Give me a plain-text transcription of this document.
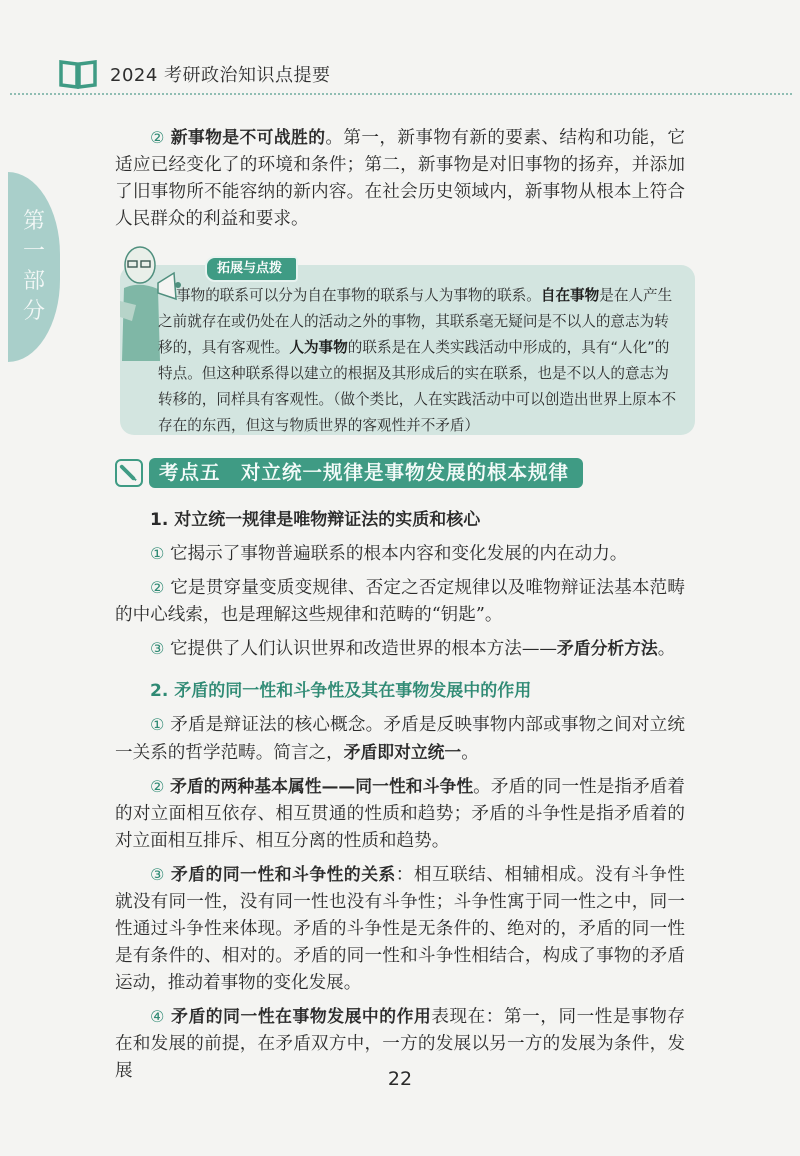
2024 考研政治知识点提要
第
一
部
分

② 新事物是不可战胜的。第一，新事物有新的要素、结构和功能，它适应已经变化了的环境和条件；第二，新事物是对旧事物的扬弃，并添加了旧事物所不能容纳的新内容。在社会历史领域内，新事物从根本上符合人民群众的利益和要求。

拓展与点拨
事物的联系可以分为自在事物的联系与人为事物的联系。自在事物是在人产生之前就存在或仍处在人的活动之外的事物，其联系毫无疑问是不以人的意志为转移的，具有客观性。人为事物的联系是在人类实践活动中形成的，具有“人化”的特点。但这种联系得以建立的根据及其形成后的实在联系，也是不以人的意志为转移的，同样具有客观性。（做个类比，人在实践活动中可以创造出世界上原本不存在的东西，但这与物质世界的客观性并不矛盾）
考点五　对立统一规律是事物发展的根本规律
1. 对立统一规律是唯物辩证法的实质和核心

① 它揭示了事物普遍联系的根本内容和变化发展的内在动力。

② 它是贯穿量变质变规律、否定之否定规律以及唯物辩证法基本范畴的中心线索，也是理解这些规律和范畴的“钥匙”。

③ 它提供了人们认识世界和改造世界的根本方法——矛盾分析方法。

2. 矛盾的同一性和斗争性及其在事物发展中的作用

① 矛盾是辩证法的核心概念。矛盾是反映事物内部或事物之间对立统一关系的哲学范畴。简言之，矛盾即对立统一。

② 矛盾的两种基本属性——同一性和斗争性。矛盾的同一性是指矛盾着的对立面相互依存、相互贯通的性质和趋势；矛盾的斗争性是指矛盾着的对立面相互排斥、相互分离的性质和趋势。

③ 矛盾的同一性和斗争性的关系：相互联结、相辅相成。没有斗争性就没有同一性，没有同一性也没有斗争性；斗争性寓于同一性之中，同一性通过斗争性来体现。矛盾的斗争性是无条件的、绝对的，矛盾的同一性是有条件的、相对的。矛盾的同一性和斗争性相结合，构成了事物的矛盾运动，推动着事物的变化发展。

④ 矛盾的同一性在事物发展中的作用表现在：第一，同一性是事物存在和发展的前提，在矛盾双方中，一方的发展以另一方的发展为条件，发展	22
